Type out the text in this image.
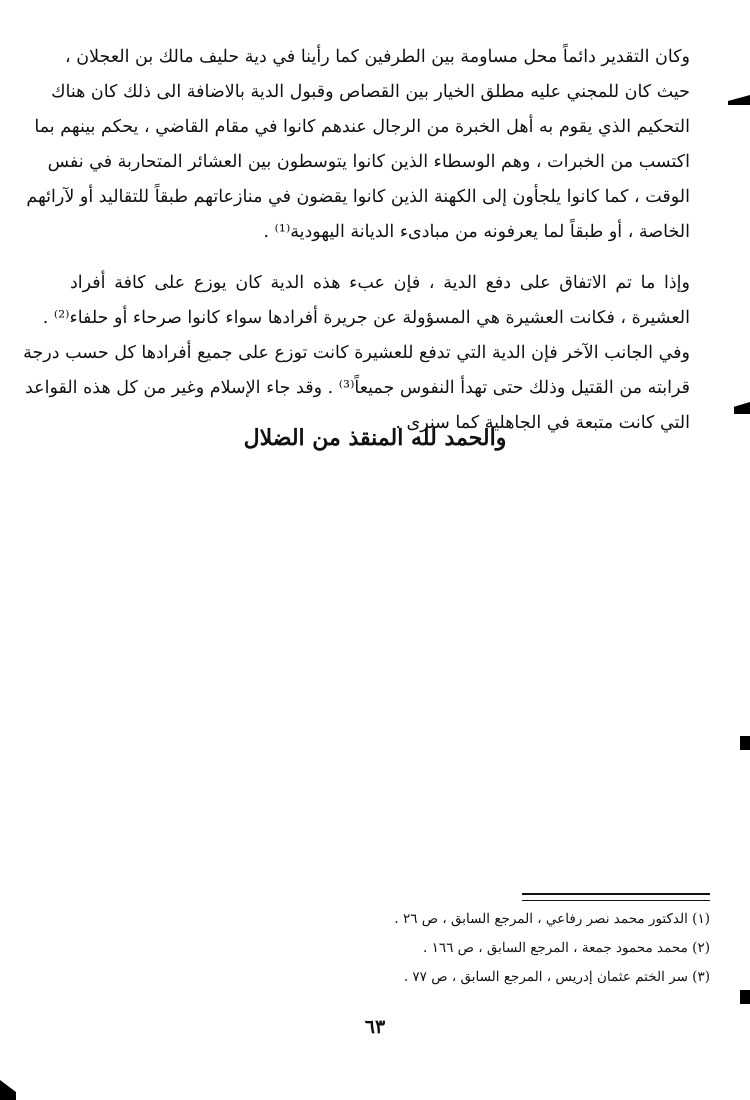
وكان التقدير دائماً محل مساومة بين الطرفين كما رأينا في دية حليف مالك بن العجلان ،
حيث كان للمجني عليه مطلق الخيار بين القصاص وقبول الدية بالاضافة الى ذلك كان هناك
التحكيم الذي يقوم به أهل الخبرة من الرجال عندهم كانوا في مقام القاضي ، يحكم بينهم بما
اكتسب من الخبرات ، وهم الوسطاء الذين كانوا يتوسطون بين العشائر المتحاربة في نفس
الوقت ، كما كانوا يلجأون إلى الكهنة الذين كانوا يقضون في منازعاتهم طبقاً للتقاليد أو لآرائهم
الخاصة ، أو طبقاً لما يعرفونه من مبادىء الديانة اليهودية⁽¹⁾ .

وإذا ما تم الاتفاق على دفع الدية ، فإن عبء هذه الدية كان يوزع على كافة أفراد
العشيرة ، فكانت العشيرة هي المسؤولة عن جريرة أفرادها سواء كانوا صرحاء أو حلفاء⁽²⁾ .
وفي الجانب الآخر فإن الدية التي تدفع للعشيرة كانت توزع على جميع أفرادها كل حسب درجة
قرابته من القتيل وذلك حتى تهدأ النفوس جميعاً⁽³⁾ . وقد جاء الإسلام وغير من كل هذه القواعد
التي كانت متبعة في الجاهلية كما سنرى .

والحمد لله المنقذ من الضلال
(١) الدكتور محمد نصر رفاعي ، المرجع السابق ، ص ٢٦ .
(٢) محمد محمود جمعة ، المرجع السابق ، ص ١٦٦ .
(٣) سر الختم عثمان إدريس ، المرجع السابق ، ص ٧٧ .
٦٣
